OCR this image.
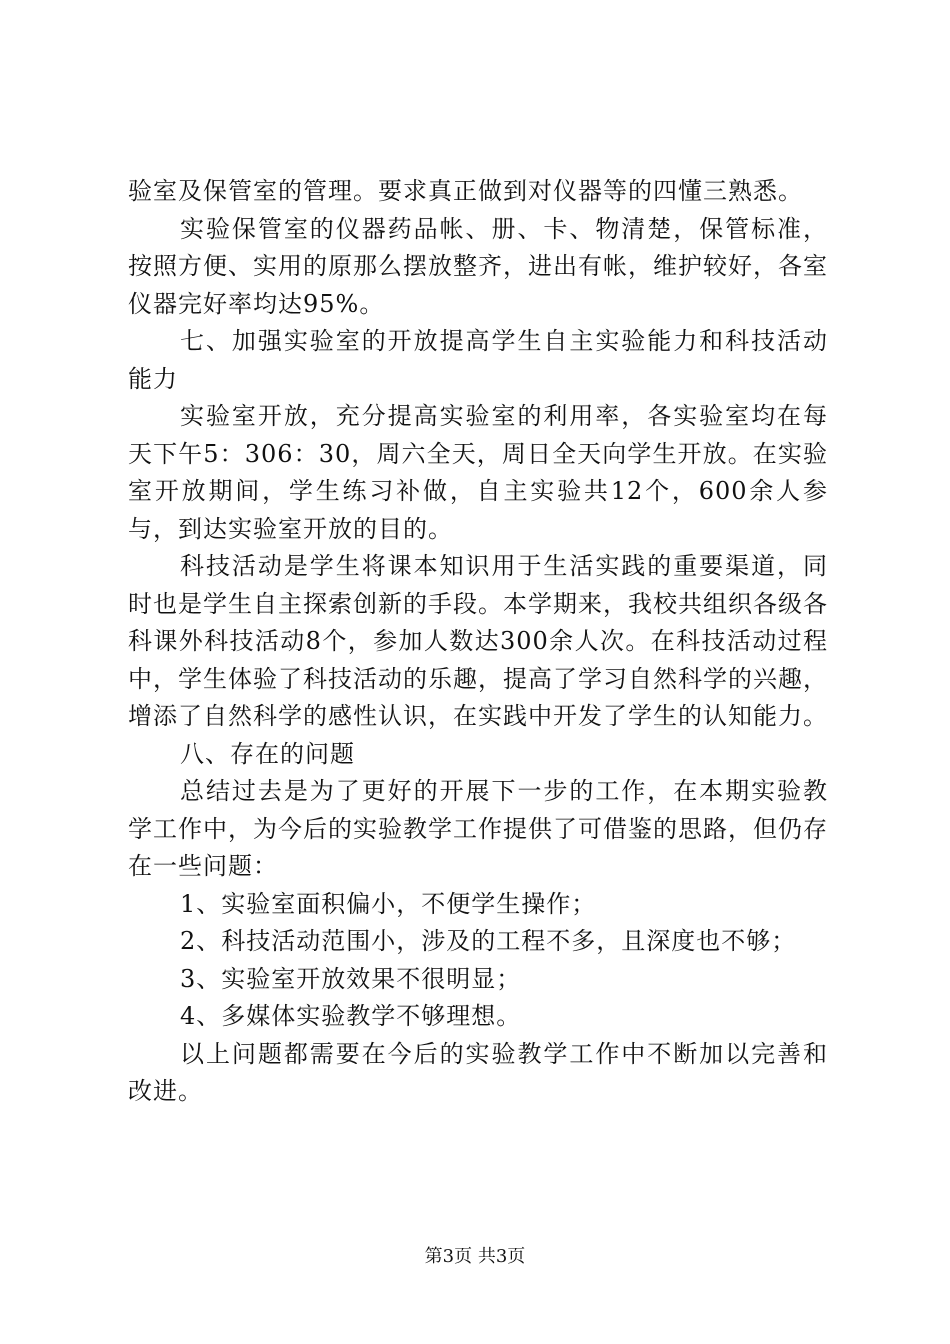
验室及保管室的管理。要求真正做到对仪器等的四懂三熟悉。

实验保管室的仪器药品帐、册、卡、物清楚，保管标准，按照方便、实用的原那么摆放整齐，进出有帐，维护较好，各室仪器完好率均达95%。

七、加强实验室的开放提高学生自主实验能力和科技活动能力

实验室开放，充分提高实验室的利用率，各实验室均在每天下午5：306：30，周六全天，周日全天向学生开放。在实验室开放期间，学生练习补做，自主实验共12个，600余人参与，到达实验室开放的目的。

科技活动是学生将课本知识用于生活实践的重要渠道，同时也是学生自主探索创新的手段。本学期来，我校共组织各级各科课外科技活动8个，参加人数达300余人次。在科技活动过程中，学生体验了科技活动的乐趣，提高了学习自然科学的兴趣，增添了自然科学的感性认识，在实践中开发了学生的认知能力。

八、存在的问题

总结过去是为了更好的开展下一步的工作，在本期实验教学工作中，为今后的实验教学工作提供了可借鉴的思路，但仍存在一些问题：

1、实验室面积偏小，不便学生操作；

2、科技活动范围小，涉及的工程不多，且深度也不够；

3、实验室开放效果不很明显；

4、多媒体实验教学不够理想。

以上问题都需要在今后的实验教学工作中不断加以完善和改进。

第3页 共3页
